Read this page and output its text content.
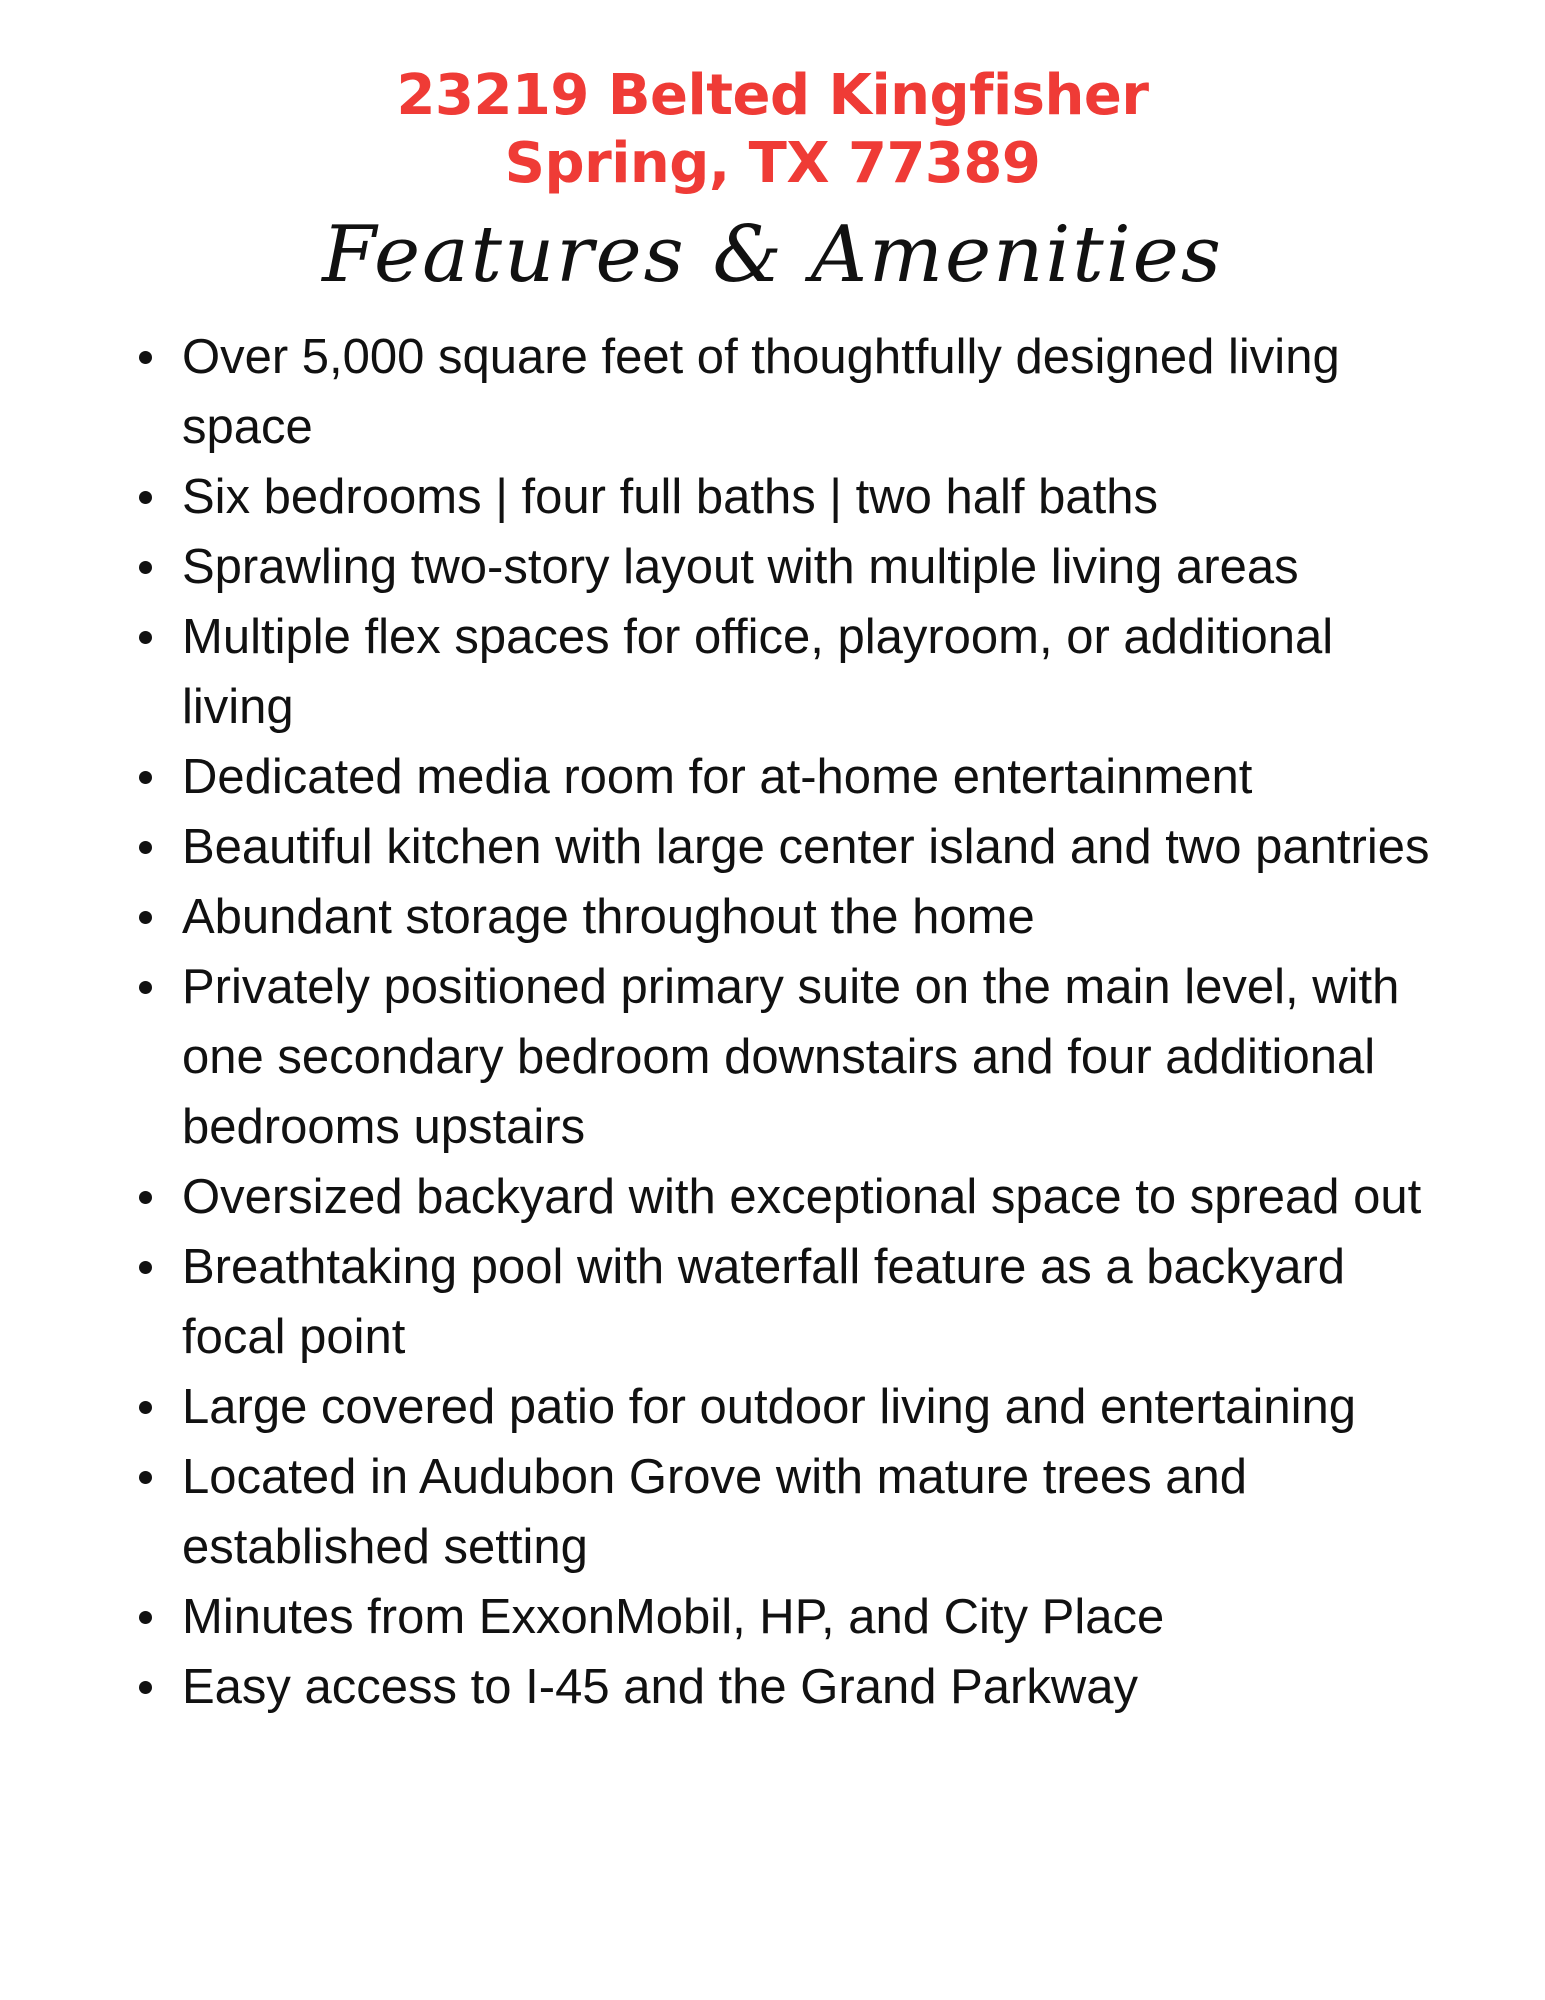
23219 Belted Kingfisher
Spring, TX 77389
Features & Amenities
Over 5,000 square feet of thoughtfully designed living space
Six bedrooms | four full baths | two half baths
Sprawling two-story layout with multiple living areas
Multiple flex spaces for office, playroom, or additional living
Dedicated media room for at-home entertainment
Beautiful kitchen with large center island and two pantries
Abundant storage throughout the home
Privately positioned primary suite on the main level, with one secondary bedroom downstairs and four additional bedrooms upstairs
Oversized backyard with exceptional space to spread out
Breathtaking pool with waterfall feature as a backyard focal point
Large covered patio for outdoor living and entertaining
Located in Audubon Grove with mature trees and established setting
Minutes from ExxonMobil, HP, and City Place
Easy access to I-45 and the Grand Parkway
